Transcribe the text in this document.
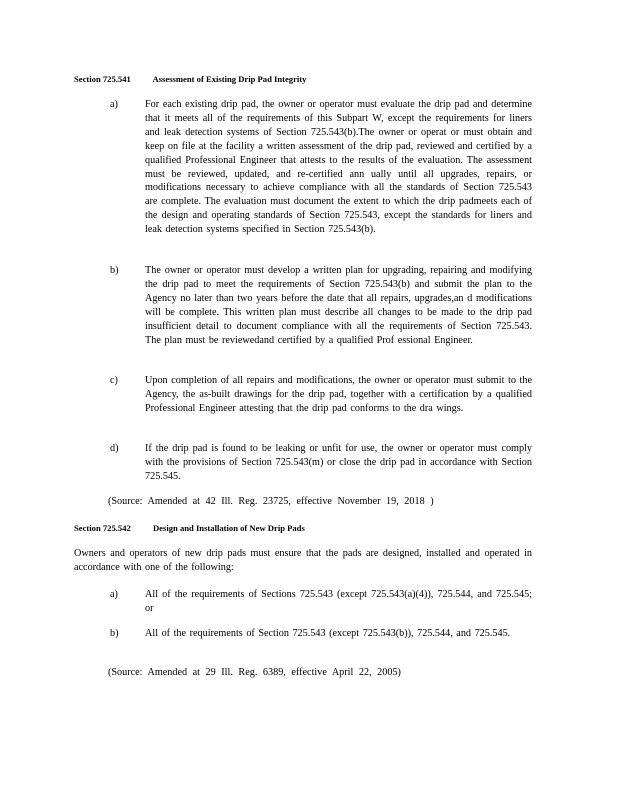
Section 725.541	Assessment of Existing Drip Pad Integrity
a)	For each existing drip pad, the owner or operator must evaluate the drip pad and determine that it meets all of the requirements of this Subpart W, except the requirements for liners and leak detection systems of Section 725.543(b).The owner or operat or must obtain and keep on file at the facility a written assessment of the drip pad, reviewed and certified by a qualified Professional Engineer that attests to the results of the evaluation. The assessment must be reviewed, updated, and re-certified ann ually until all upgrades, repairs, or modifications necessary to achieve compliance with all the standards of Section 725.543 are complete. The evaluation must document the extent to which the drip padmeets each of the design and operating standards of Section 725.543, except the standards for liners and leak detection systems specified in Section 725.543(b).
b)	The owner or operator must develop a written plan for upgrading, repairing and modifying the drip pad to meet the requirements of Section 725.543(b) and submit the plan to the Agency no later than two years before the date that all repairs, upgrades,an d modifications will be complete. This written plan must describe all changes to be made to the drip pad insufficient detail to document compliance with all the requirements of Section 725.543. The plan must be reviewedand certified by a qualified Prof essional Engineer.
c)	Upon completion of all repairs and modifications, the owner or operator must submit to the Agency, the as-built drawings for the drip pad, together with a certification by a qualified Professional Engineer attesting that the drip pad conforms to the dra wings.
d)	If the drip pad is found to be leaking or unfit for use, the owner or operator must comply with the provisions of Section 725.543(m) or close the drip pad in accordance with Section 725.545.
(Source: Amended at 42 Ill. Reg. 23725, effective November 19, 2018 )
Section 725.542	Design and Installation of New Drip Pads
Owners and operators of new drip pads must ensure that the pads are designed, installed and operated in accordance with one of the following:
a)	All of the requirements of Sections 725.543 (except 725.543(a)(4)), 725.544, and 725.545; or
b)	All of the requirements of Section 725.543 (except 725.543(b)), 725.544, and 725.545.
(Source: Amended at 29 Ill. Reg. 6389, effective April 22, 2005)
